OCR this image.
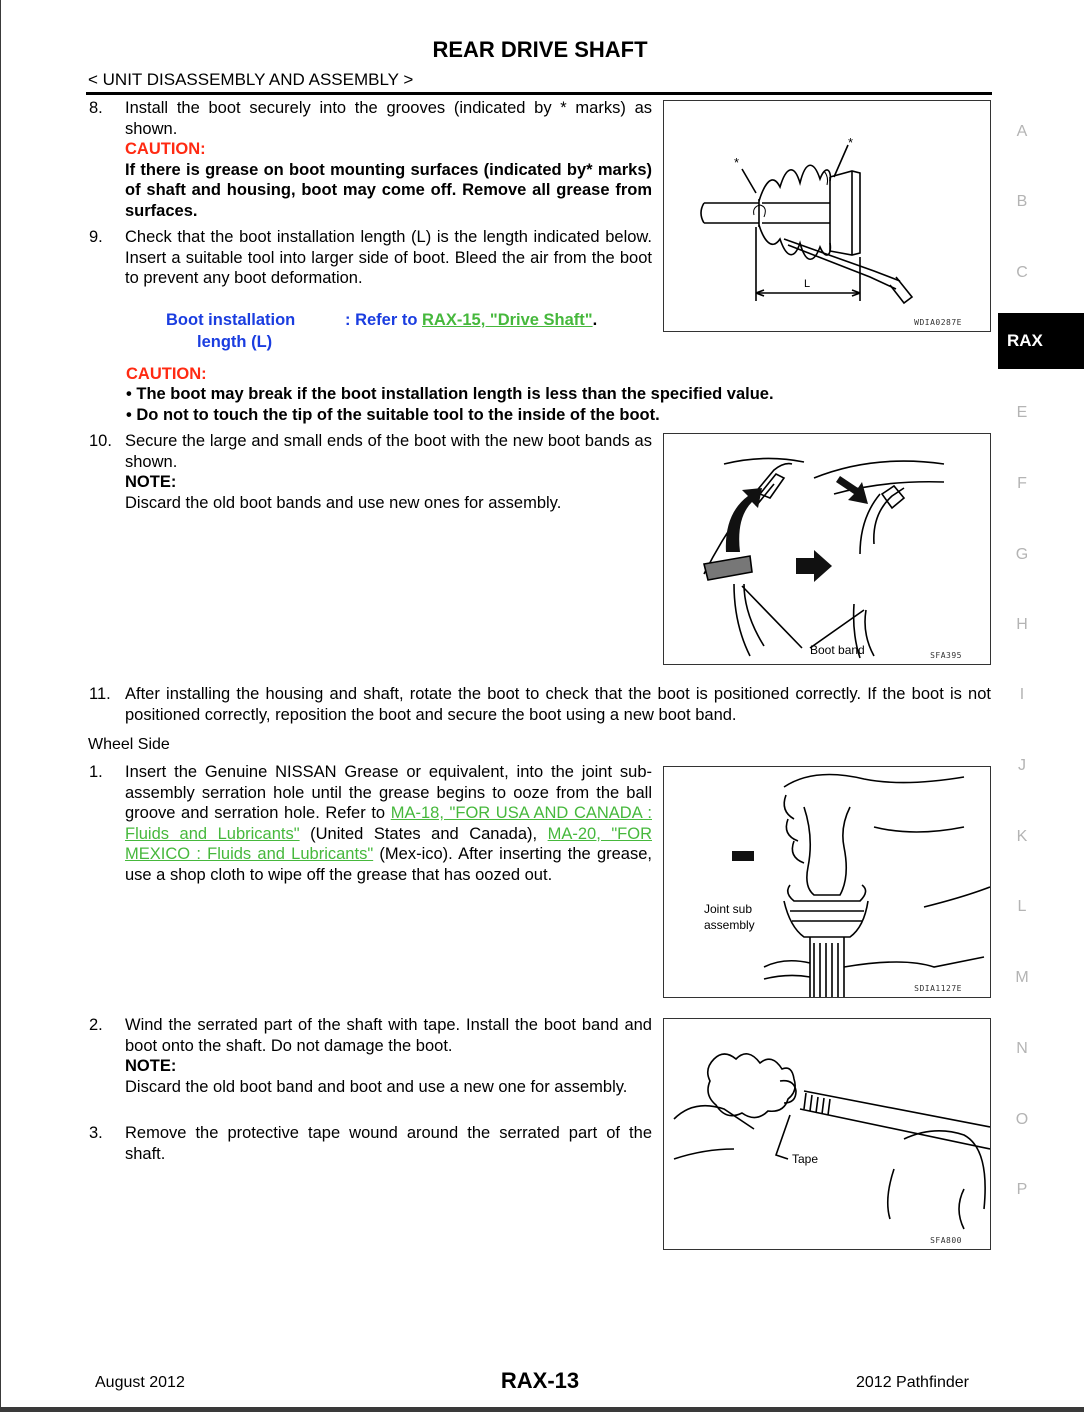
REAR DRIVE SHAFT
< UNIT DISASSEMBLY AND ASSEMBLY >
8. Install the boot securely into the grooves (indicated by * marks) as shown.
CAUTION:
If there is grease on boot mounting surfaces (indicated by* marks) of shaft and housing, boot may come off. Remove all grease from surfaces.
9. Check that the boot installation length (L) is the length indicated below. Insert a suitable tool into larger side of boot. Bleed the air from the boot to prevent any boot deformation.
Boot installation
length (L)
: Refer to RAX-15, "Drive Shaft".
CAUTION:
• The boot may break if the boot installation length is less than the specified value.
• Do not to touch the tip of the suitable tool to the inside of the boot.
10. Secure the large and small ends of the boot with the new boot bands as shown.
NOTE:
Discard the old boot bands and use new ones for assembly.
11. After installing the housing and shaft, rotate the boot to check that the boot is positioned correctly. If the boot is not positioned correctly, reposition the boot and secure the boot using a new boot band.
Wheel Side
1. Insert the Genuine NISSAN Grease or equivalent, into the joint sub-assembly serration hole until the grease begins to ooze from the ball groove and serration hole. Refer to MA-18, "FOR USA AND CANADA : Fluids and Lubricants" (United States and Canada), MA-20, "FOR MEXICO : Fluids and Lubricants" (Mex-ico). After inserting the grease, use a shop cloth to wipe off the grease that has oozed out.
2. Wind the serrated part of the shaft with tape. Install the boot band and boot onto the shaft. Do not damage the boot.
NOTE:
Discard the old boot band and boot and use a new one for assembly.
3. Remove the protective tape wound around the serrated part of the shaft.
L
*
*
WDIA0287E
Boot band	SFA395
Joint sub
assembly
SDIA1127E
Tape
SFA800
A
B
C
E
F
G
H
I
J
K
L
M
N
O
P
RAX
August 2012	RAX-13	2012 Pathfinder
